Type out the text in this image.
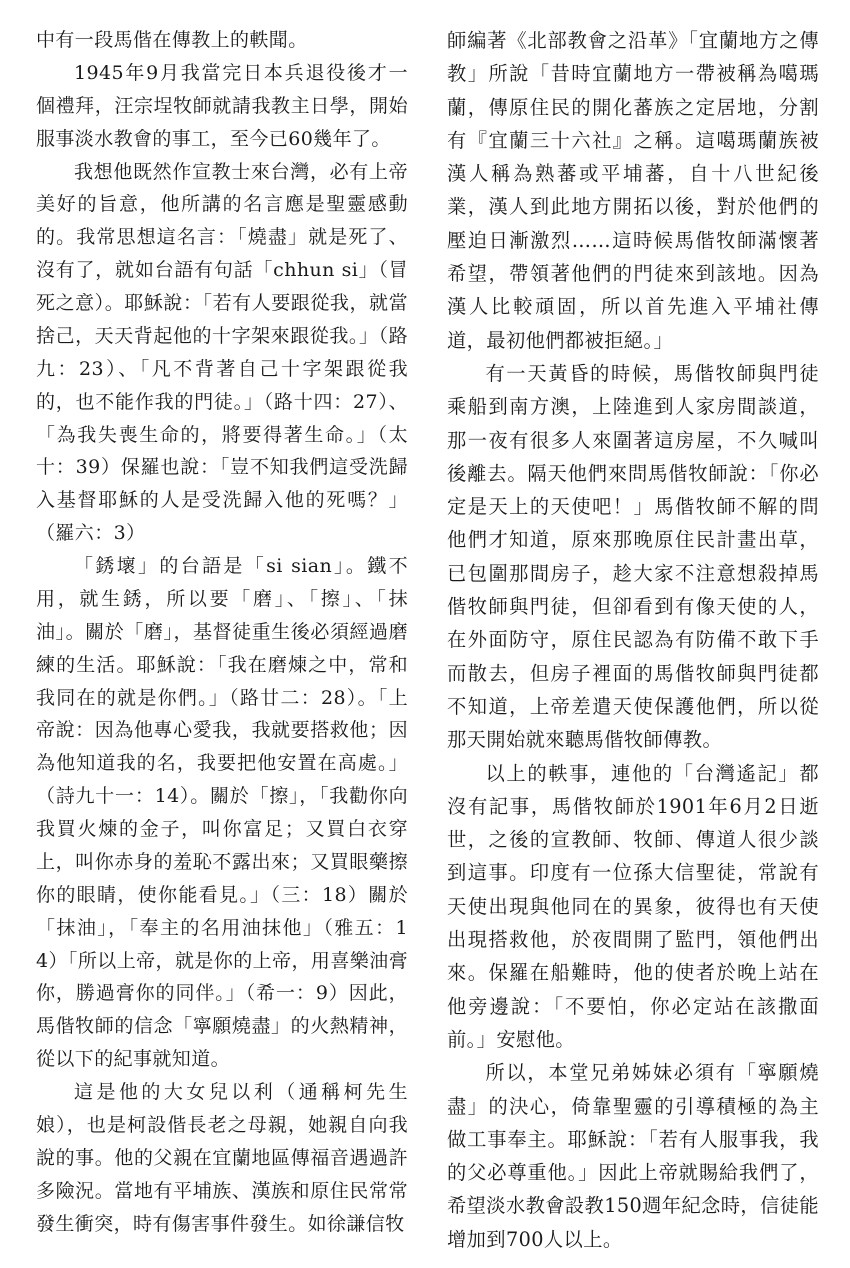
中有一段馬偕在傳教上的軼聞。

1945年9月我當完日本兵退役後才一個禮拜，汪宗埕牧師就請我教主日學，開始服事淡水教會的事工，至今已60幾年了。

我想他既然作宣教士來台灣，必有上帝美好的旨意，他所講的名言應是聖靈感動的。我常思想這名言：「燒盡」就是死了、沒有了，就如台語有句話「chhun si」（冒死之意）。耶穌說：「若有人要跟從我，就當捨己，天天背起他的十字架來跟從我。」（路九：23）、「凡不背著自己十字架跟從我的，也不能作我的門徒。」（路十四：27）、「為我失喪生命的，將要得著生命。」（太十：39）保羅也說：「豈不知我們這受洗歸入基督耶穌的人是受洗歸入他的死嗎？」（羅六：3）

「銹壞」的台語是「si sian」。鐵不用，就生銹，所以要「磨」、「擦」、「抹油」。關於「磨」，基督徒重生後必須經過磨練的生活。耶穌說：「我在磨煉之中，常和我同在的就是你們。」（路廿二：28）。「上帝說：因為他專心愛我，我就要搭救他；因為他知道我的名，我要把他安置在高處。」（詩九十一：14）。關於「擦」，「我勸你向我買火煉的金子，叫你富足；又買白衣穿上，叫你赤身的羞恥不露出來；又買眼藥擦你的眼睛，使你能看見。」（三：18）關於「抹油」，「奉主的名用油抹他」（雅五：14）「所以上帝，就是你的上帝，用喜樂油膏你，勝過膏你的同伴。」（希一：9）因此，馬偕牧師的信念「寧願燒盡」的火熱精神，從以下的紀事就知道。

這是他的大女兒以利（通稱柯先生娘），也是柯設偕長老之母親，她親自向我說的事。他的父親在宜蘭地區傳福音遇過許多險況。當地有平埔族、漢族和原住民常常發生衝突，時有傷害事件發生。如徐謙信牧

師編著《北部教會之沿革》「宜蘭地方之傳教」所說「昔時宜蘭地方一帶被稱為噶瑪蘭，傳原住民的開化蕃族之定居地，分割有『宜蘭三十六社』之稱。這噶瑪蘭族被漢人稱為熟蕃或平埔蕃，自十八世紀後業，漢人到此地方開拓以後，對於他們的壓迫日漸激烈……這時候馬偕牧師滿懷著希望，帶領著他們的門徒來到該地。因為漢人比較頑固，所以首先進入平埔社傳道，最初他們都被拒絕。」

有一天黃昏的時候，馬偕牧師與門徒乘船到南方澳，上陸進到人家房間談道，那一夜有很多人來圍著這房屋，不久喊叫後離去。隔天他們來問馬偕牧師說：「你必定是天上的天使吧！」馬偕牧師不解的問他們才知道，原來那晚原住民計畫出草，已包圍那間房子，趁大家不注意想殺掉馬偕牧師與門徒，但卻看到有像天使的人，在外面防守，原住民認為有防備不敢下手而散去，但房子裡面的馬偕牧師與門徒都不知道，上帝差遣天使保護他們，所以從那天開始就來聽馬偕牧師傳教。

以上的軼事，連他的「台灣遙記」都沒有記事，馬偕牧師於1901年6月2日逝世，之後的宣教師、牧師、傳道人很少談到這事。印度有一位孫大信聖徒，常說有天使出現與他同在的異象，彼得也有天使出現搭救他，於夜間開了監門，領他們出來。保羅在船難時，他的使者於晚上站在他旁邊說：「不要怕，你必定站在該撒面前。」安慰他。

所以，本堂兄弟姊妹必須有「寧願燒盡」的決心，倚靠聖靈的引導積極的為主做工事奉主。耶穌說：「若有人服事我，我的父必尊重他。」因此上帝就賜給我們了，希望淡水教會設教150週年紀念時，信徒能增加到700人以上。
